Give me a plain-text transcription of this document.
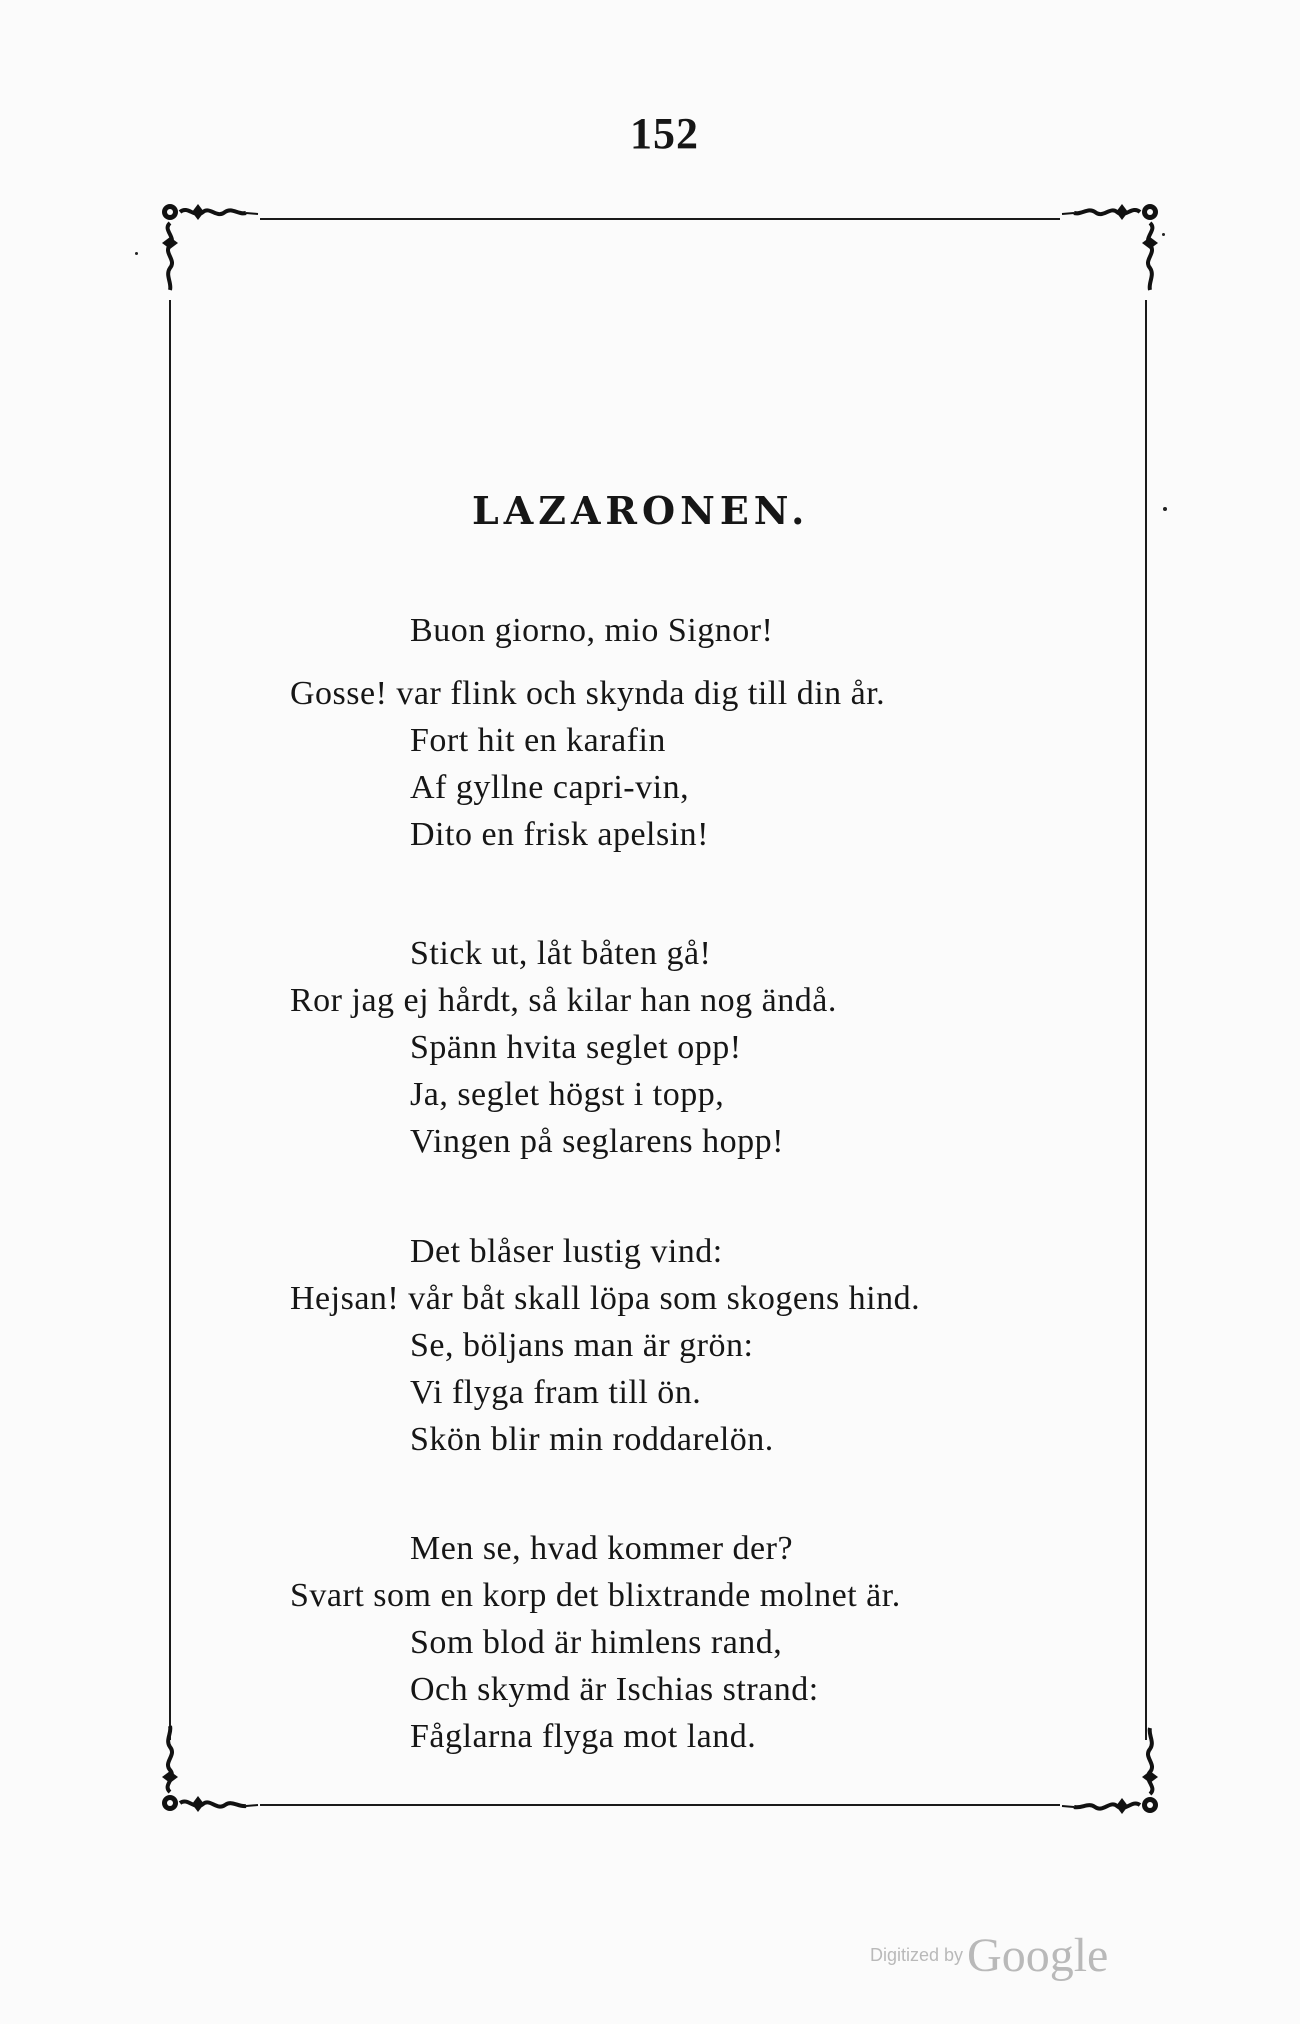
152
LAZARONEN.
Buon giorno, mio Signor!
Gosse! var flink och skynda dig till din år.
Fort hit en karafin
Af gyllne capri-vin,
Dito en frisk apelsin!
Stick ut, låt båten gå!
Ror jag ej hårdt, så kilar han nog ändå.
Spänn hvita seglet opp!
Ja, seglet högst i topp,
Vingen på seglarens hopp!
Det blåser lustig vind:
Hejsan! vår båt skall löpa som skogens hind.
Se, böljans man är grön:
Vi flyga fram till ön.
Skön blir min roddarelön.
Men se, hvad kommer der?
Svart som en korp det blixtrande molnet är.
Som blod är himlens rand,
Och skymd är Ischias strand:
Fåglarna flyga mot land.
Digitized byGoogle
